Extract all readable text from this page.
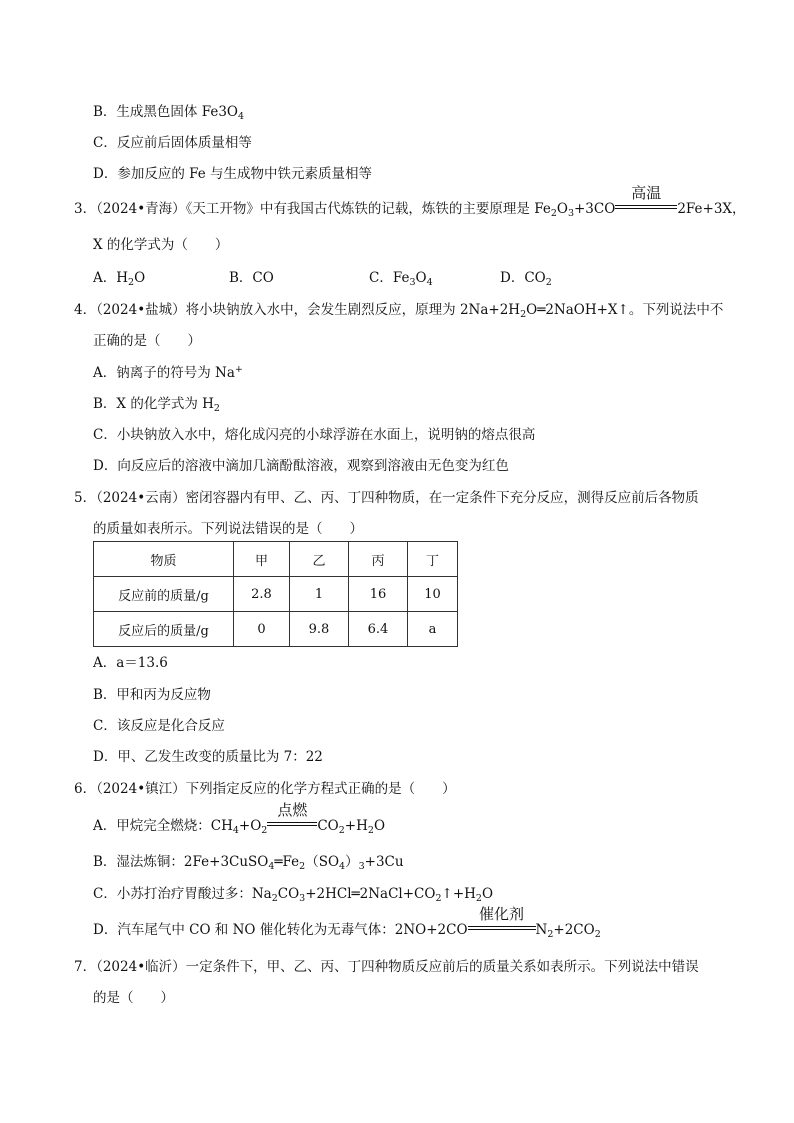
B．生成黑色固体 $Fe3O_4$
C．反应前后固体质量相等
D．参加反应的 Fe 与生成物中铁元素质量相等
3．（2024•青海）《天工开物》中有我国古代炼铁的记载，炼铁的主要原理是 $Fe_2O_3+3CO$
高温
2Fe+3X，
X 的化学式为（　　）
A．$H_2O$	B．CO	C．$Fe_3O_4$	D．$CO_2$
4．（2024•盐城）将小块钠放入水中，会发生剧烈反应，原理为 $2Na+2H_2O═2NaOH+X↑$。下列说法中不
正确的是（　　）
A．钠离子的符号为 Na+
B．X 的化学式为 $H_2$
C．小块钠放入水中，熔化成闪亮的小球浮游在水面上，说明钠的熔点很高
D．向反应后的溶液中滴加几滴酚酞溶液，观察到溶液由无色变为红色
5．（2024•云南）密闭容器内有甲、乙、丙、丁四种物质，在一定条件下充分反应，测得反应前后各物质
的质量如表所示。下列说法错误的是（　　）
物质	甲	乙	丙	丁
反应前的质量/g	2.8	1	16	10
反应后的质量/g	0	9.8	6.4	a
A．a＝13.6
B．甲和丙为反应物
C．该反应是化合反应
D．甲、乙发生改变的质量比为 7：22
6．（2024•镇江）下列指定反应的化学方程式正确的是（　　）
A．甲烷完全燃烧：$CH_4+O_2$
点燃
$CO_2+H_2O$
B．湿法炼铜：$2Fe+3CuSO_4═Fe_2(SO_4)_3+3Cu$
C．小苏打治疗胃酸过多：$Na_2CO_3+2HCl═2NaCl+CO_2↑+H_2O$
D．汽车尾气中 CO 和 NO 催化转化为无毒气体：2NO+2CO
催化剂
$N_2+2CO_2$
7．（2024•临沂）一定条件下，甲、乙、丙、丁四种物质反应前后的质量关系如表所示。下列说法中错误
的是（　　）
